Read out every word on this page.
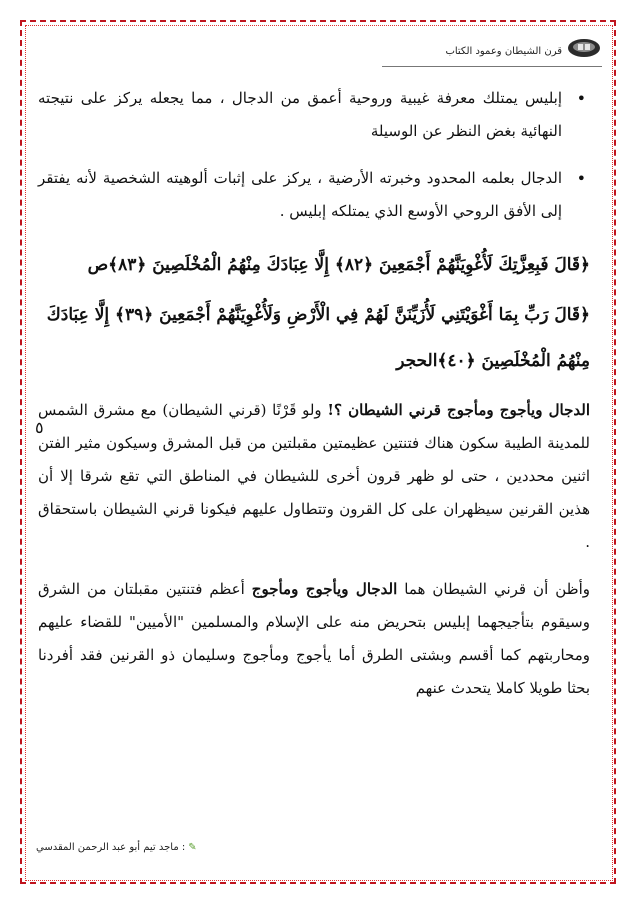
قرن الشيطان وعمود الكتاب
•
إبليس يمتلك معرفة غيبية وروحية أعمق من الدجال ، مما يجعله يركز على نتيجته النهائية بغض النظر عن الوسيلة
•
الدجال بعلمه المحدود وخبرته الأرضية ، يركز على إثبات ألوهيته الشخصية لأنه يفتقر إلى الأفق الروحي الأوسع الذي يمتلكه إبليس .
﴿قَالَ فَبِعِزَّتِكَ لَأُغْوِيَنَّهُمْ أَجْمَعِينَ ﴿٨٢﴾ إِلَّا عِبَادَكَ مِنْهُمُ الْمُخْلَصِينَ ﴿٨٣﴾ص
﴿قَالَ رَبِّ بِمَا أَغْوَيْتَنِي لَأُزَيِّنَنَّ لَهُمْ فِي الْأَرْضِ وَلَأُغْوِيَنَّهُمْ أَجْمَعِينَ ﴿٣٩﴾ إِلَّا عِبَادَكَ مِنْهُمُ الْمُخْلَصِينَ ﴿٤٠﴾الحجر
الدجال ويأجوج ومأجوج قرني الشيطان ؟! ولو قَرْنًا (قرني الشيطان) مع مشرق الشمس للمدينة الطيبة سكون هناك فتنتين عظيمتين مقبلتين من قبل المشرق وسيكون مثير الفتن اثنين محددين ، حتى لو ظهر قرون أخرى للشيطان في المناطق التي تقع شرقا إلا أن هذين القرنين سيظهران على كل القرون وتتطاول عليهم فيكونا قرني الشيطان باستحقاق .
وأظن أن قرني الشيطان هما الدجال ويأجوج ومأجوج أعظم فتنتين مقبلتان من الشرق وسيقوم بتأجيجهما إبليس بتحريض منه على الإسلام والمسلمين "الأميين" للقضاء عليهم ومحاربتهم كما أقسم وبشتى الطرق أما يأجوج ومأجوج وسليمان ذو القرنين فقد أفردنا بحثا طويلا كاملا يتحدث عنهم
٥
✎: ماجد تيم أبو عبد الرحمن المقدسي
